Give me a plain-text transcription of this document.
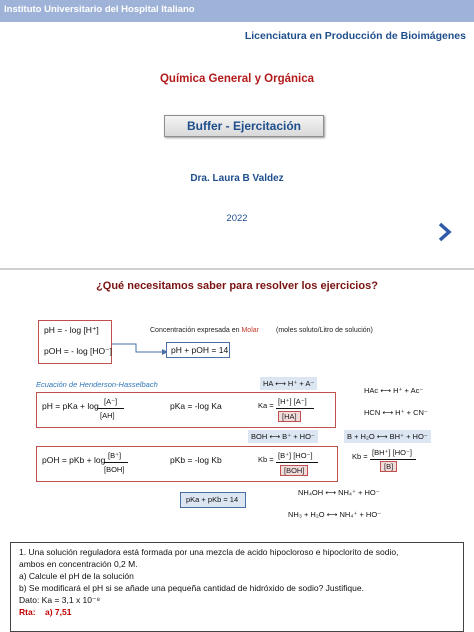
Instituto Universitario del Hospital Italiano
Licenciatura en Producción de Bioimágenes
Química General y Orgánica
Buffer - Ejercitación
Dra. Laura B Valdez
2022
¿Qué necesitamos saber para resolver los ejercicios?
pH = - log [H⁺]
pOH = - log [HO⁻]	pH + pOH = 14
Concentración expresada en Molar (moles soluto/Litro de solución)
Ecuación de Henderson-Hasselbach	HA ⟷ H⁺ + A⁻
HAc ⟷ H⁺ + Ac⁻
HCN ⟷ H⁺ + CN⁻
pH = pKa + log [A⁻]
[AH]
pKa = -log Ka	Ka = [H⁺] [A⁻]
[HA]
BOH ⟷ B⁺ + HO⁻	B + H₂O ⟷ BH⁺ + HO⁻
pOH = pKb + log [B⁺]
[BOH]
pKb = -log Kb	Kb = [B⁺] [HO⁻]
[BOH]
Kb = [BH⁺] [HO⁻]
[B]
pKa + pKb = 14
NH₄OH ⟷ NH₄⁺ + HO⁻
NH₃ + H₂O ⟷ NH₄⁺ + HO⁻
1. Una solución reguladora está formada por una mezcla de acido hipocloroso e hipoclorito de sodio,
ambos en concentración 0,2 M.
a) Calcule el pH de la solución
b) Se modificará el pH si se añade una pequeña cantidad de hidróxido de sodio? Justifique.
Dato: Ka = 3,1 x 10⁻⁸
Rta: a) 7,51
